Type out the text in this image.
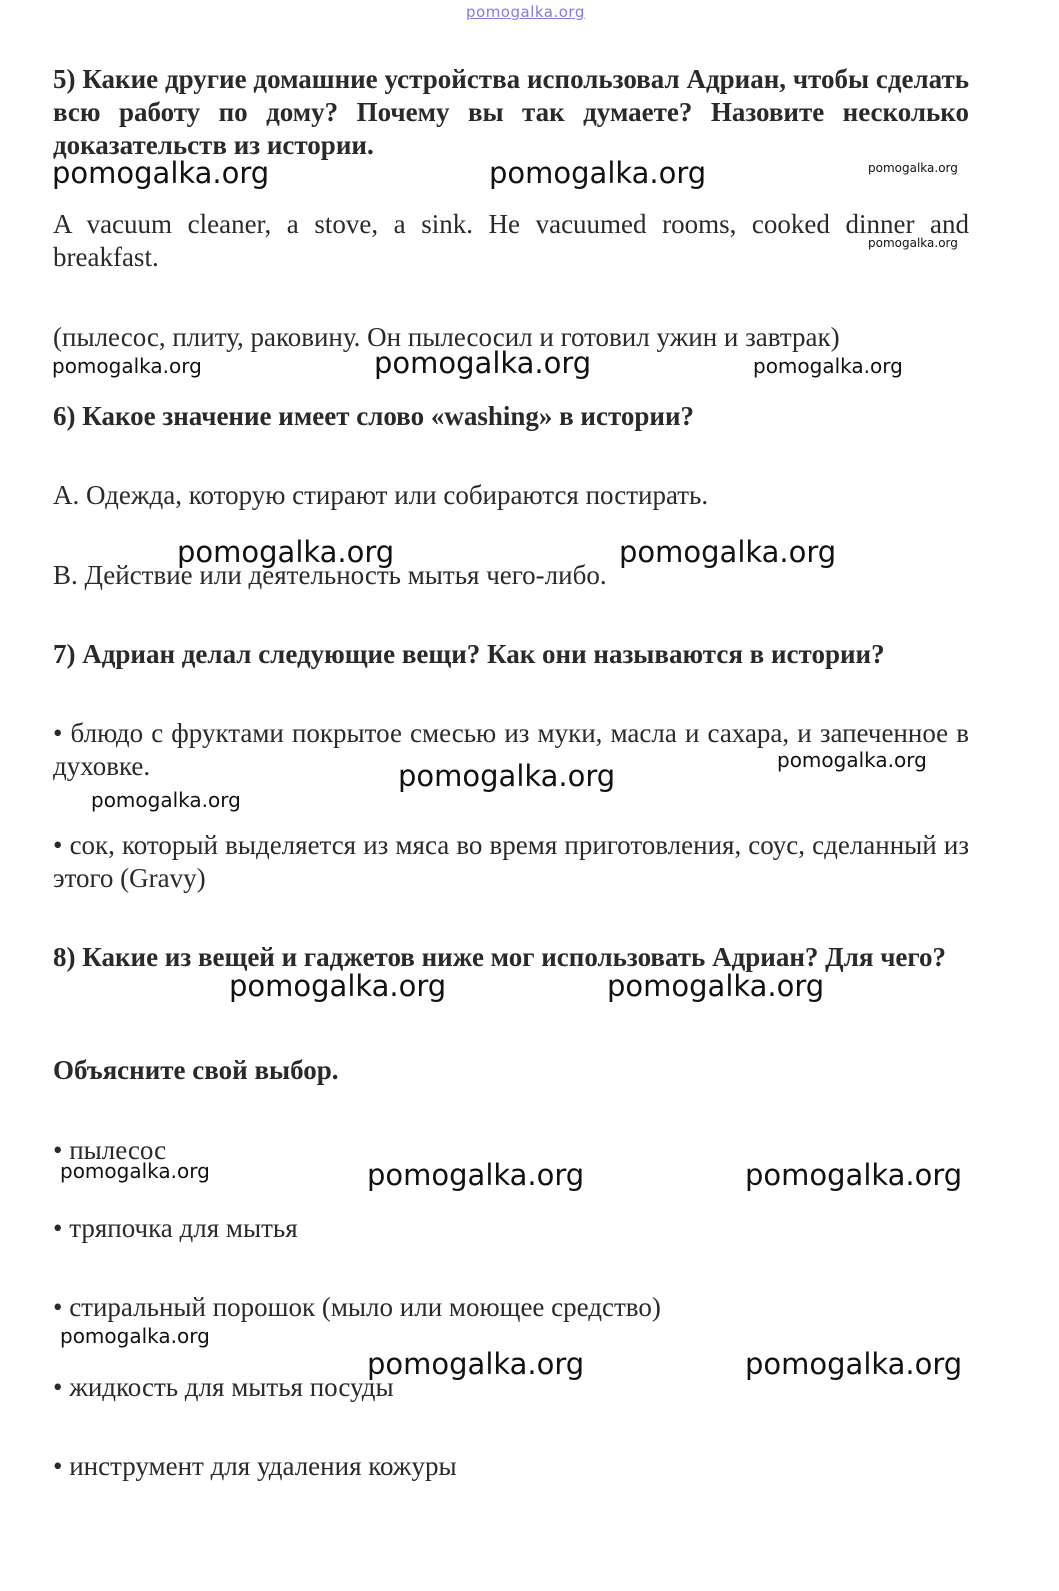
5) Какие другие домашние устройства использовал Адриан, чтобы сделать всю работу по дому? Почему вы так думаете? Назовите несколько доказательств из истории.

A vacuum cleaner, a stove, a sink. He vacuumed rooms, cooked dinner and breakfast.

(пылесос, плиту, раковину. Он пылесосил и готовил ужин и завтрак)

6) Какое значение имеет слово «washing» в истории?

A. Одежда, которую стирают или собираются постирать.

B. Действие или деятельность мытья чего-либо.

7) Адриан делал следующие вещи? Как они называются в истории?

• блюдо с фруктами покрытое смесью из муки, масла и сахара, и запеченное в духовке.

• сок, который выделяется из мяса во время приготовления, соус, сделанный из этого (Gravy)

8) Какие из вещей и гаджетов ниже мог использовать Адриан? Для чего?

Объясните свой выбор.

• пылесос

• тряпочка для мытья

• стиральный порошок (мыло или моющее средство)

• жидкость для мытья посуды

• инструмент для удаления кожуры

pomogalka.org
pomogalka.org	pomogalka.org	pomogalka.org
pomogalka.org
pomogalka.org	pomogalka.org	pomogalka.org
pomogalka.org	pomogalka.org
pomogalka.org
pomogalka.org
pomogalka.org
pomogalka.org	pomogalka.org
pomogalka.org	pomogalka.org	pomogalka.org
pomogalka.org
pomogalka.org	pomogalka.org
